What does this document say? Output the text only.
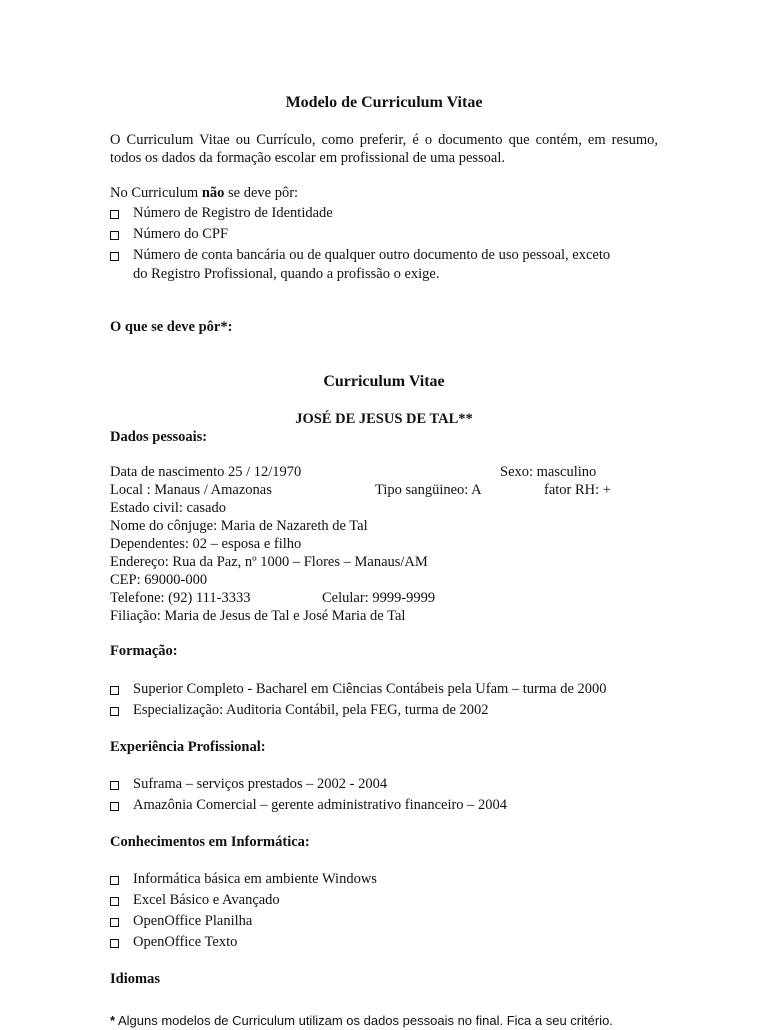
Modelo de Curriculum Vitae
O Curriculum Vitae ou Currículo, como preferir, é o documento que contém, em resumo, todos os dados da formação escolar em profissional de uma pessoal.
No Curriculum não se deve pôr:
Número de Registro de Identidade
Número do CPF
Número de conta bancária ou de qualquer outro documento de uso pessoal, exceto
do Registro Profissional, quando a profissão o exige.
O que se deve pôr*:
Curriculum Vitae
JOSÉ DE JESUS DE TAL**
Dados pessoais:
Data de nascimento 25 / 12/1970	Sexo: masculino
Local : Manaus / Amazonas	Tipo sangüineo: A	fator RH: +
Estado civil: casado
Nome do cônjuge: Maria de Nazareth de Tal
Dependentes: 02 – esposa e filho
Endereço: Rua da Paz, nº 1000 – Flores – Manaus/AM
CEP: 69000-000
Telefone: (92) 111-3333	Celular: 9999-9999
Filiação: Maria de Jesus de Tal e José Maria de Tal
Formação:
Superior Completo - Bacharel em Ciências Contábeis pela Ufam – turma de 2000
Especialização: Auditoria Contábil, pela FEG, turma de 2002
Experiência Profissional:
Suframa – serviços prestados – 2002 - 2004
Amazônia Comercial – gerente administrativo financeiro – 2004
Conhecimentos em Informática:
Informática básica em ambiente Windows
Excel Básico e Avançado
OpenOffice Planilha
OpenOffice Texto
Idiomas
* Alguns modelos de Curriculum utilizam os dados pessoais no final. Fica a seu critério.
